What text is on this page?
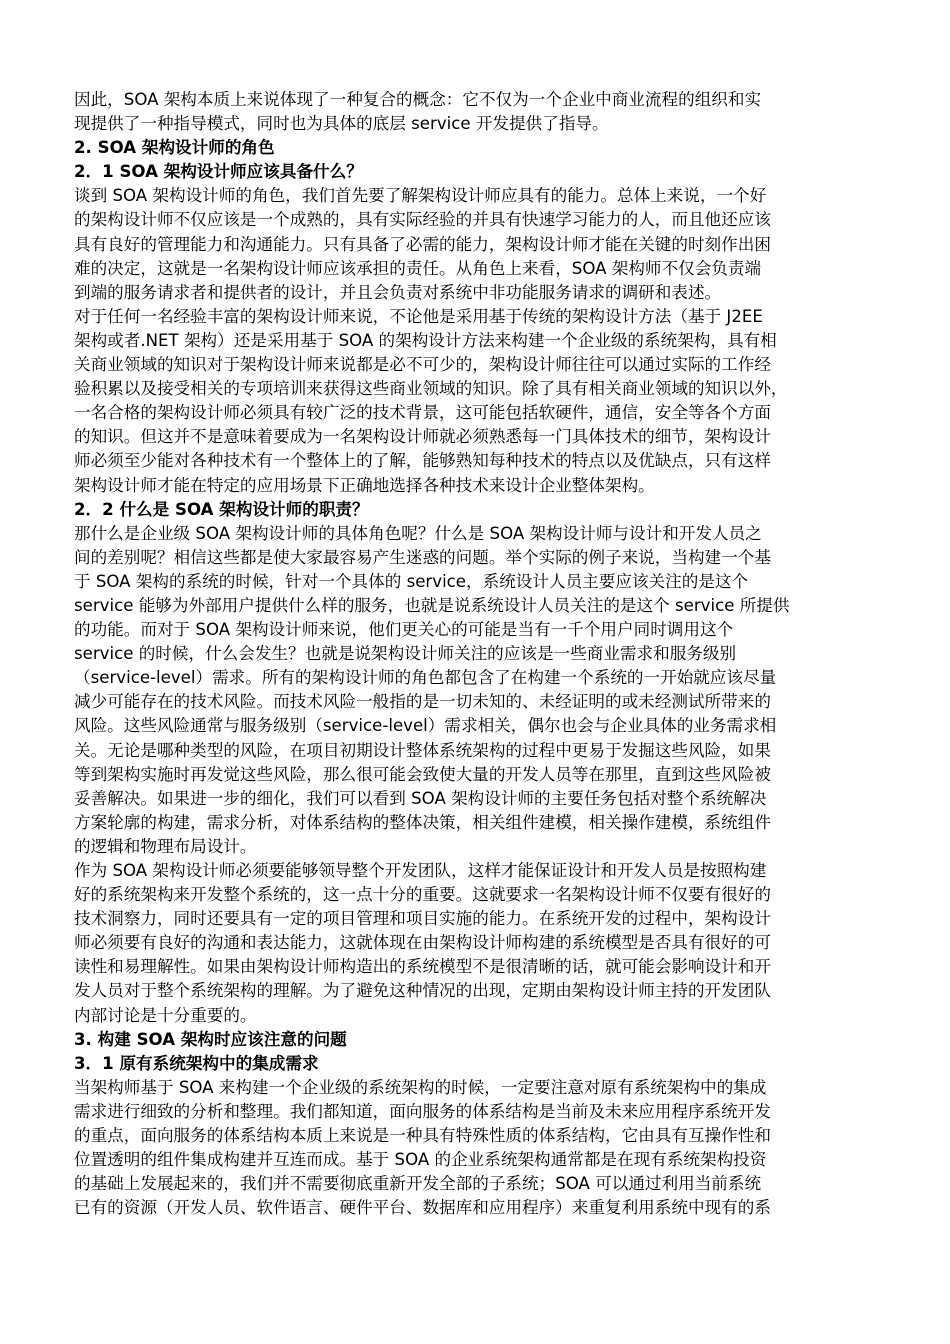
因此，SOA 架构本质上来说体现了一种复合的概念：它不仅为一个企业中商业流程的组织和实

现提供了一种指导模式，同时也为具体的底层 service 开发提供了指导。

2. SOA 架构设计师的角色

2．1 SOA 架构设计师应该具备什么？

谈到 SOA 架构设计师的角色，我们首先要了解架构设计师应具有的能力。总体上来说，一个好

的架构设计师不仅应该是一个成熟的，具有实际经验的并具有快速学习能力的人，而且他还应该

具有良好的管理能力和沟通能力。只有具备了必需的能力，架构设计师才能在关键的时刻作出困

难的决定，这就是一名架构设计师应该承担的责任。从角色上来看，SOA 架构师不仅会负责端

到端的服务请求者和提供者的设计，并且会负责对系统中非功能服务请求的调研和表述。

对于任何一名经验丰富的架构设计师来说，不论他是采用基于传统的架构设计方法（基于 J2EE

架构或者.NET 架构）还是采用基于 SOA 的架构设计方法来构建一个企业级的系统架构，具有相

关商业领域的知识对于架构设计师来说都是必不可少的，架构设计师往往可以通过实际的工作经

验积累以及接受相关的专项培训来获得这些商业领域的知识。除了具有相关商业领域的知识以外，

一名合格的架构设计师必须具有较广泛的技术背景，这可能包括软硬件，通信，安全等各个方面

的知识。但这并不是意味着要成为一名架构设计师就必须熟悉每一门具体技术的细节，架构设计

师必须至少能对各种技术有一个整体上的了解，能够熟知每种技术的特点以及优缺点，只有这样

架构设计师才能在特定的应用场景下正确地选择各种技术来设计企业整体架构。

2．2 什么是 SOA 架构设计师的职责？

那什么是企业级 SOA 架构设计师的具体角色呢？什么是 SOA 架构设计师与设计和开发人员之

间的差别呢？相信这些都是使大家最容易产生迷惑的问题。举个实际的例子来说，当构建一个基

于 SOA 架构的系统的时候，针对一个具体的 service，系统设计人员主要应该关注的是这个

service 能够为外部用户提供什么样的服务，也就是说系统设计人员关注的是这个 service 所提供

的功能。而对于 SOA 架构设计师来说，他们更关心的可能是当有一千个用户同时调用这个

service 的时候，什么会发生？也就是说架构设计师关注的应该是一些商业需求和服务级别

（service-level）需求。所有的架构设计师的角色都包含了在构建一个系统的一开始就应该尽量

减少可能存在的技术风险。而技术风险一般指的是一切未知的、未经证明的或未经测试所带来的

风险。这些风险通常与服务级别（service-level）需求相关，偶尔也会与企业具体的业务需求相

关。无论是哪种类型的风险，在项目初期设计整体系统架构的过程中更易于发掘这些风险，如果

等到架构实施时再发觉这些风险，那么很可能会致使大量的开发人员等在那里，直到这些风险被

妥善解决。如果进一步的细化，我们可以看到 SOA 架构设计师的主要任务包括对整个系统解决

方案轮廓的构建，需求分析，对体系结构的整体决策，相关组件建模，相关操作建模，系统组件

的逻辑和物理布局设计。

作为 SOA 架构设计师必须要能够领导整个开发团队，这样才能保证设计和开发人员是按照构建

好的系统架构来开发整个系统的，这一点十分的重要。这就要求一名架构设计师不仅要有很好的

技术洞察力，同时还要具有一定的项目管理和项目实施的能力。在系统开发的过程中，架构设计

师必须要有良好的沟通和表达能力，这就体现在由架构设计师构建的系统模型是否具有很好的可

读性和易理解性。如果由架构设计师构造出的系统模型不是很清晰的话，就可能会影响设计和开

发人员对于整个系统架构的理解。为了避免这种情况的出现，定期由架构设计师主持的开发团队

内部讨论是十分重要的。

3. 构建 SOA 架构时应该注意的问题

3．1 原有系统架构中的集成需求

当架构师基于 SOA 来构建一个企业级的系统架构的时候，一定要注意对原有系统架构中的集成

需求进行细致的分析和整理。我们都知道，面向服务的体系结构是当前及未来应用程序系统开发

的重点，面向服务的体系结构本质上来说是一种具有特殊性质的体系结构，它由具有互操作性和

位置透明的组件集成构建并互连而成。基于 SOA 的企业系统架构通常都是在现有系统架构投资

的基础上发展起来的，我们并不需要彻底重新开发全部的子系统；SOA 可以通过利用当前系统

已有的资源（开发人员、软件语言、硬件平台、数据库和应用程序）来重复利用系统中现有的系
